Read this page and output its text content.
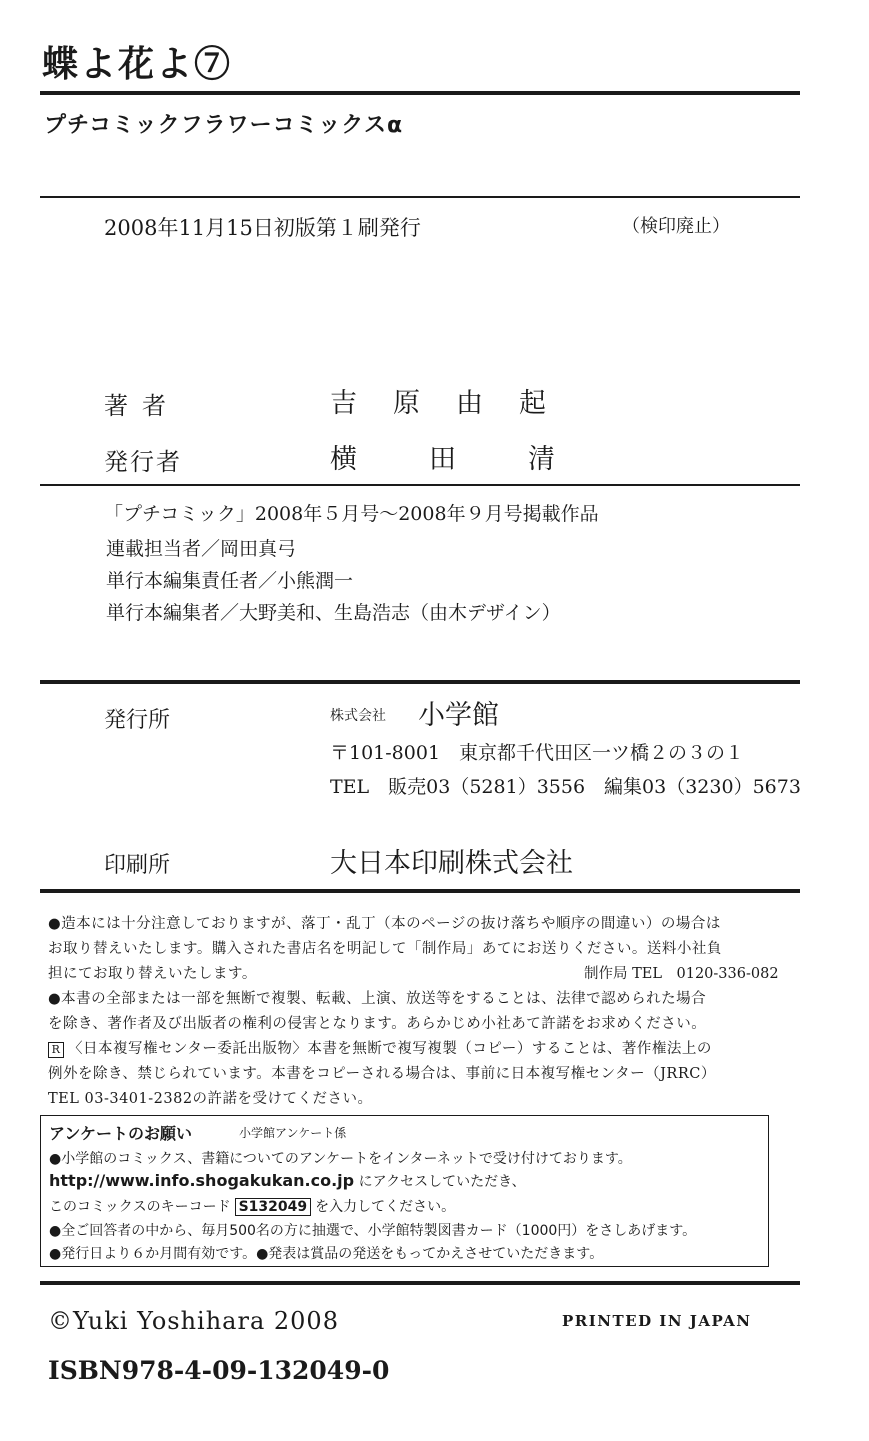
蝶よ花よ⑦
プチコミックフラワーコミックスα
2008年11月15日初版第１刷発行	（検印廃止）
著者	吉原由起
発行者	横田清
「プチコミック」2008年５月号～2008年９月号掲載作品
連載担当者／岡田真弓
単行本編集責任者／小熊潤一
単行本編集者／大野美和、生島浩志（由木デザイン）
発行所	株式会社 小学館
〒101-8001　東京都千代田区一ツ橋２の３の１
TEL　販売03（5281）3556　編集03（3230）5673
印刷所	大日本印刷株式会社
●造本には十分注意しておりますが、落丁・乱丁（本のページの抜け落ちや順序の間違い）の場合は
お取り替えいたします。購入された書店名を明記して「制作局」あてにお送りください。送料小社負
担にてお取り替えいたします。	制作局 TEL　0120-336-082
●本書の全部または一部を無断で複製、転載、上演、放送等をすることは、法律で認められた場合
を除き、著作者及び出版者の権利の侵害となります。あらかじめ小社あて許諾をお求めください。
R 〈日本複写権センター委託出版物〉本書を無断で複写複製（コピー）することは、著作権法上の
例外を除き、禁じられています。本書をコピーされる場合は、事前に日本複写権センター（JRRC）
TEL 03-3401-2382の許諾を受けてください。
アンケートのお願い	小学館アンケート係
●小学館のコミックス、書籍についてのアンケートをインターネットで受け付けております。
http://www.info.shogakukan.co.jp にアクセスしていただき、
このコミックスのキーコード S132049 を入力してください。
●全ご回答者の中から、毎月500名の方に抽選で、小学館特製図書カード（1000円）をさしあげます。
●発行日より６か月間有効です。●発表は賞品の発送をもってかえさせていただきます。
©Yuki Yoshihara 2008	PRINTED IN JAPAN
ISBN978-4-09-132049-0
